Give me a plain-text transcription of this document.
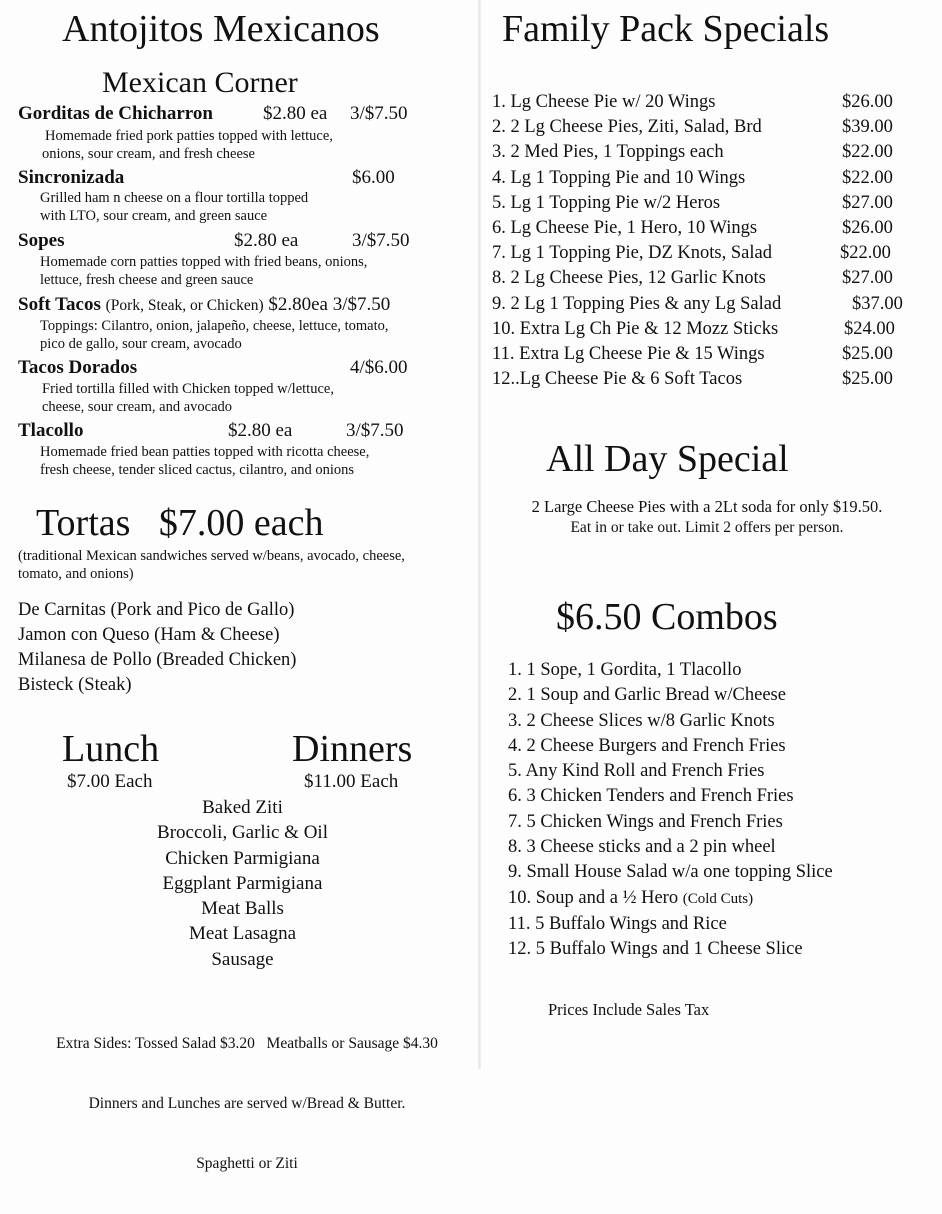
Antojitos Mexicanos
Mexican Corner
Gorditas de Chicharron	$2.80 ea 3/$7.50
Homemade fried pork patties topped with lettuce,
onions, sour cream, and fresh cheese
Sincronizada	$6.00
Grilled ham n cheese on a flour tortilla topped
with LTO, sour cream, and green sauce
Sopes	$2.80 ea	3/$7.50
Homemade corn patties topped with fried beans, onions,
lettuce, fresh cheese and green sauce
Soft Tacos (Pork, Steak, or Chicken) $2.80ea 3/$7.50
Toppings: Cilantro, onion, jalapeño, cheese, lettuce, tomato,
pico de gallo, sour cream, avocado
Tacos Dorados	4/$6.00
Fried tortilla filled with Chicken topped w/lettuce,
cheese, sour cream, and avocado
Tlacollo	$2.80 ea	3/$7.50
Homemade fried bean patties topped with ricotta cheese,
fresh cheese, tender sliced cactus, cilantro, and onions
Tortas   $7.00 each
(traditional Mexican sandwiches served w/beans, avocado, cheese,
tomato, and onions)
De Carnitas (Pork and Pico de Gallo)
Jamon con Queso (Ham & Cheese)
Milanesa de Pollo (Breaded Chicken)
Bisteck (Steak)
Lunch
$7.00 Each
Dinners
$11.00 Each
Baked Ziti
Broccoli, Garlic & Oil
Chicken Parmigiana
Eggplant Parmigiana
Meat Balls
Meat Lasagna
Sausage

Extra Sides: Tossed Salad $3.20   Meatballs or Sausage $4.30

Dinners and Lunches are served w/Bread & Butter.

Spaghetti or Ziti

Family Pack Specials
1. Lg Cheese Pie w/ 20 Wings	$26.00
2. 2 Lg Cheese Pies, Ziti, Salad, Brd	$39.00
3. 2 Med Pies, 1 Toppings each	$22.00
4. Lg 1 Topping Pie and 10 Wings	$22.00
5. Lg 1 Topping Pie w/2 Heros	$27.00
6. Lg Cheese Pie, 1 Hero, 10 Wings	$26.00
7. Lg 1 Topping Pie, DZ Knots, Salad	$22.00
8. 2 Lg Cheese Pies, 12 Garlic Knots	$27.00
9. 2 Lg 1 Topping Pies & any Lg Salad	$37.00
10. Extra Lg Ch Pie & 12 Mozz Sticks	$24.00
11. Extra Lg Cheese Pie & 15 Wings	$25.00
12..Lg Cheese Pie & 6 Soft Tacos	$25.00
All Day Special
2 Large Cheese Pies with a 2Lt soda for only $19.50.
Eat in or take out. Limit 2 offers per person.
$6.50 Combos
1. 1 Sope, 1 Gordita, 1 Tlacollo
2. 1 Soup and Garlic Bread w/Cheese
3. 2 Cheese Slices w/8 Garlic Knots
4. 2 Cheese Burgers and French Fries
5. Any Kind Roll and French Fries
6. 3 Chicken Tenders and French Fries
7. 5 Chicken Wings and French Fries
8. 3 Cheese sticks and a 2 pin wheel
9. Small House Salad w/a one topping Slice
10. Soup and a ½ Hero (Cold Cuts)
11. 5 Buffalo Wings and Rice
12. 5 Buffalo Wings and 1 Cheese Slice
Prices Include Sales Tax
